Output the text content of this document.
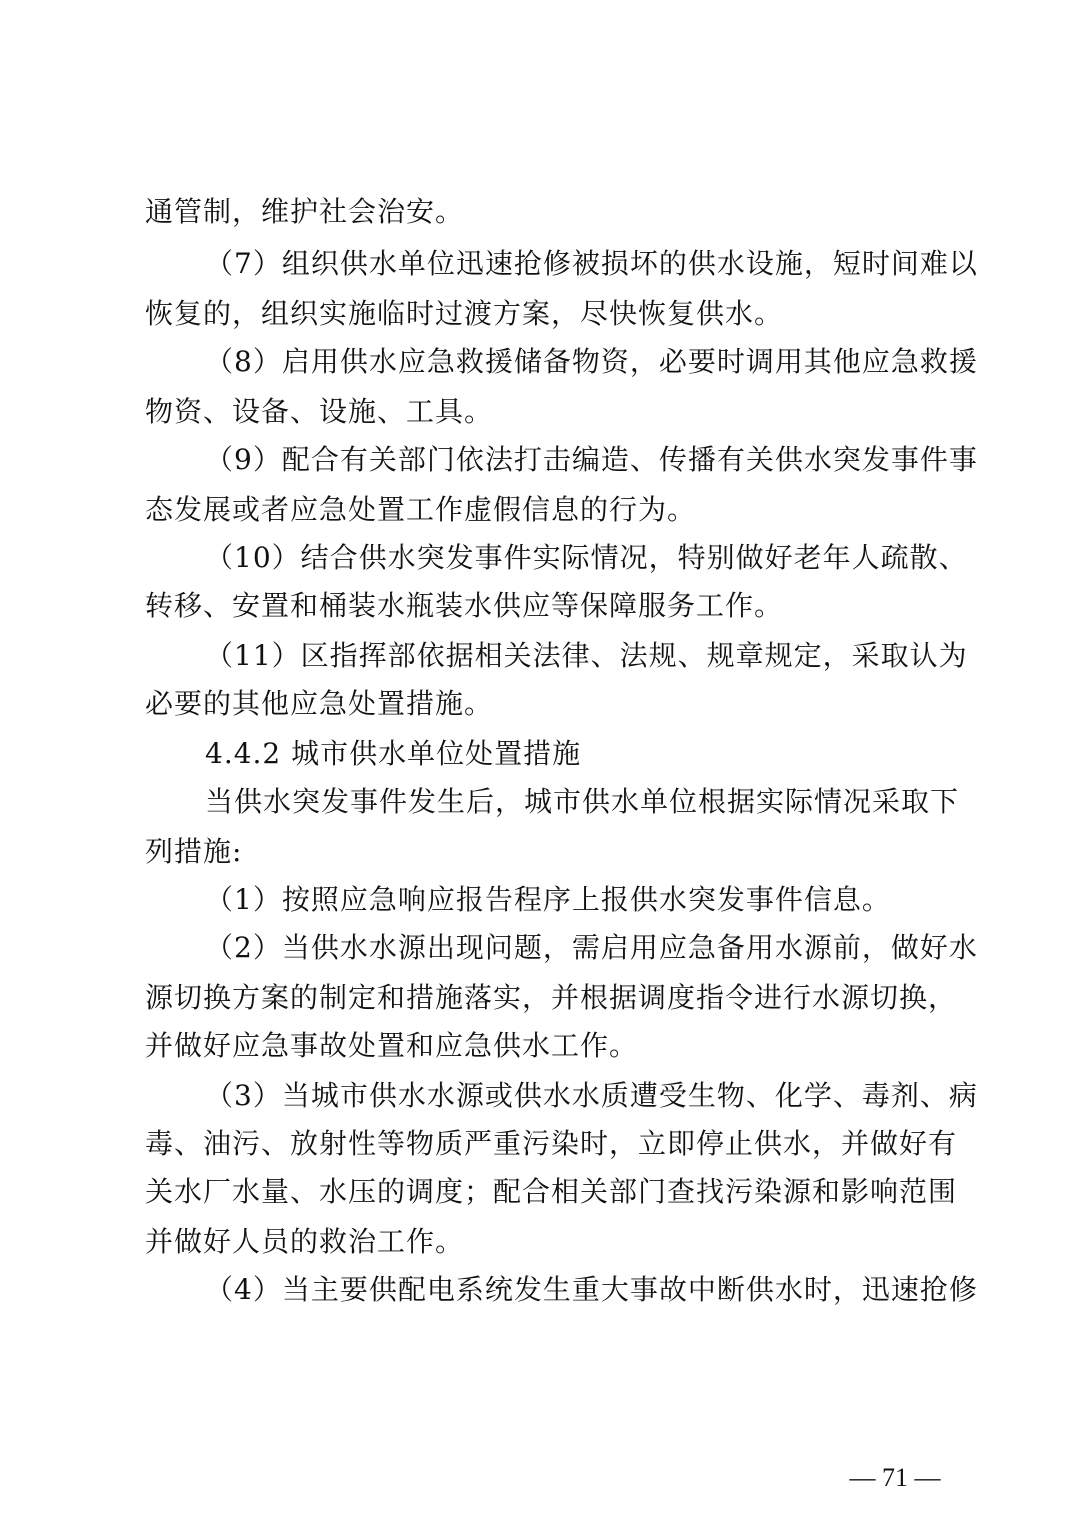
通管制，维护社会治安。
（7）组织供水单位迅速抢修被损坏的供水设施，短时间难以
恢复的，组织实施临时过渡方案，尽快恢复供水。
（8）启用供水应急救援储备物资，必要时调用其他应急救援
物资、设备、设施、工具。
（9）配合有关部门依法打击编造、传播有关供水突发事件事
态发展或者应急处置工作虚假信息的行为。
（10）结合供水突发事件实际情况，特别做好老年人疏散、
转移、安置和桶装水瓶装水供应等保障服务工作。
（11）区指挥部依据相关法律、法规、规章规定，采取认为
必要的其他应急处置措施。
4.4.2 城市供水单位处置措施
当供水突发事件发生后，城市供水单位根据实际情况采取下
列措施:
（1）按照应急响应报告程序上报供水突发事件信息。
（2）当供水水源出现问题，需启用应急备用水源前，做好水
源切换方案的制定和措施落实，并根据调度指令进行水源切换，
并做好应急事故处置和应急供水工作。
（3）当城市供水水源或供水水质遭受生物、化学、毒剂、病
毒、油污、放射性等物质严重污染时，立即停止供水，并做好有
关水厂水量、水压的调度；配合相关部门查找污染源和影响范围
并做好人员的救治工作。
（4）当主要供配电系统发生重大事故中断供水时，迅速抢修
— 71 —
